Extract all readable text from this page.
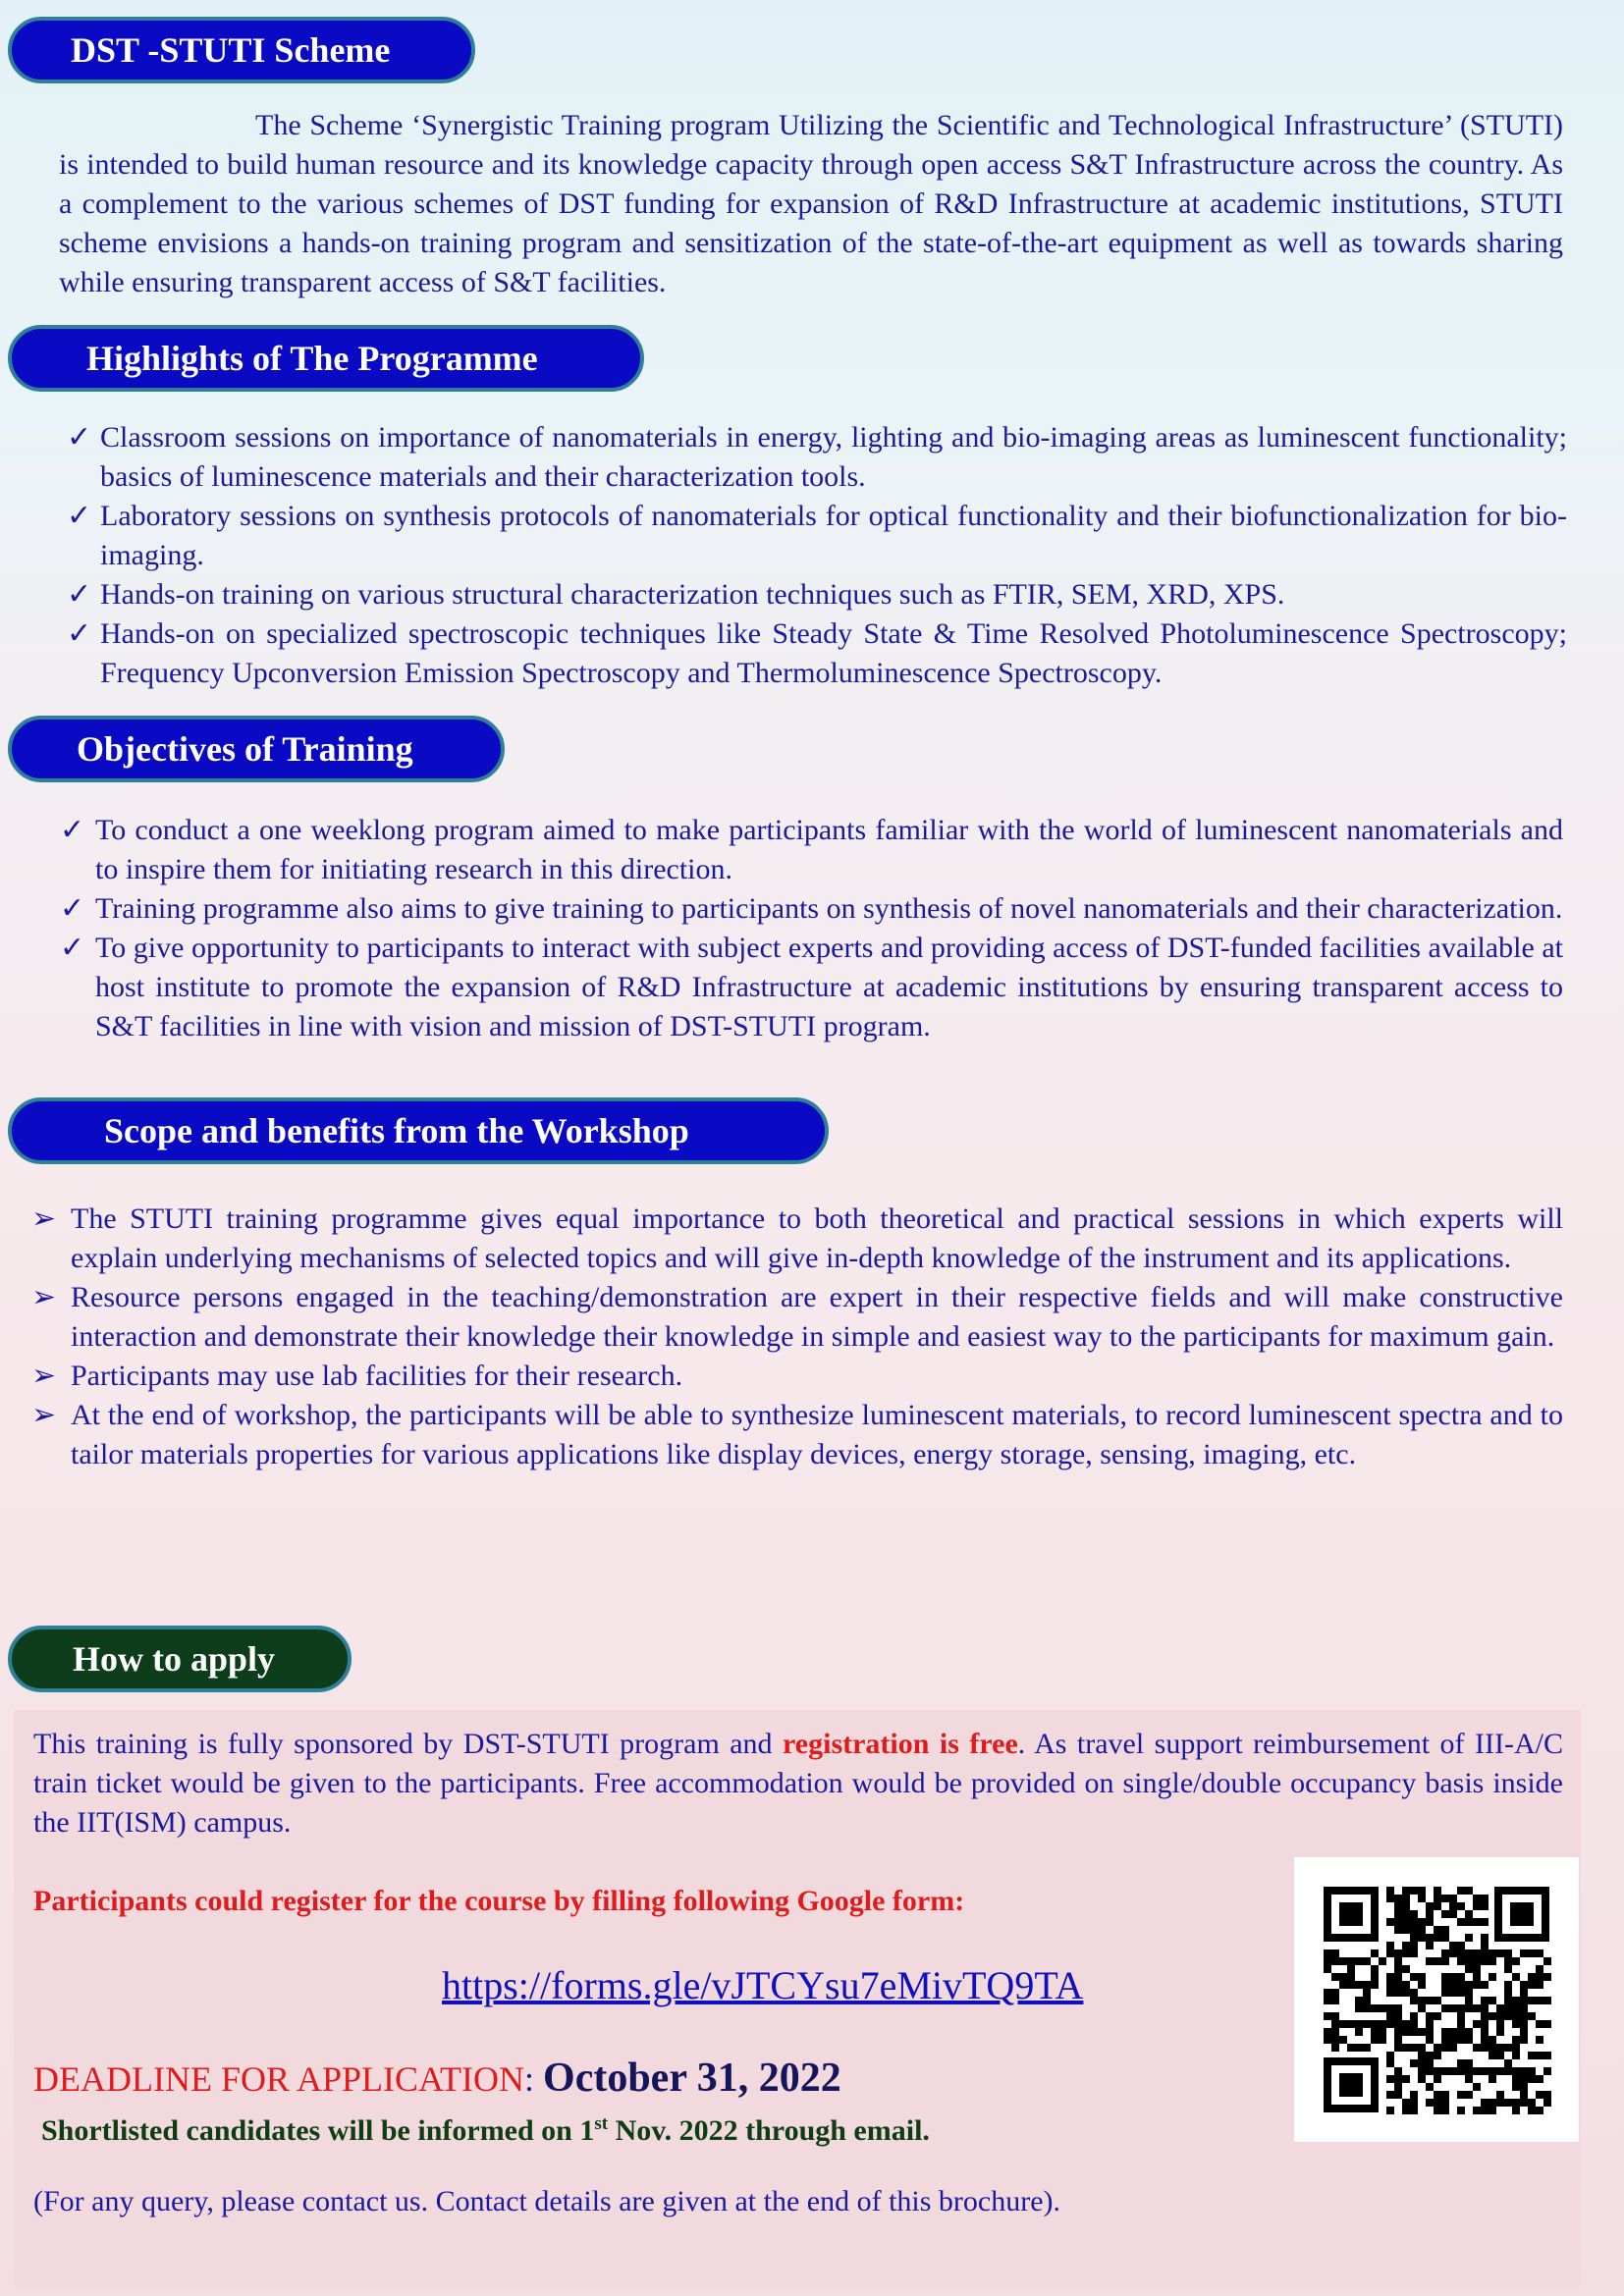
DST -STUTI Scheme

The Scheme ‘Synergistic Training program Utilizing the Scientific and Technological Infrastructure’ (STUTI) is intended to build human resource and its knowledge capacity through open access S&T Infrastructure across the country. As a complement to the various schemes of DST funding for expansion of R&D Infrastructure at academic institutions, STUTI scheme envisions a hands-on training program and sensitization of the state-of-the-art equipment as well as towards sharing while ensuring transparent access of S&T facilities.

Highlights of The Programme
✓ Classroom sessions on importance of nanomaterials in energy, lighting and bio-imaging areas as luminescent functionality; basics of luminescence materials and their characterization tools.
✓ Laboratory sessions on synthesis protocols of nanomaterials for optical functionality and their biofunctionalization for bio-imaging.
✓ Hands-on training on various structural characterization techniques such as FTIR, SEM, XRD, XPS.
✓ Hands-on on specialized spectroscopic techniques like Steady State & Time Resolved Photoluminescence Spectroscopy; Frequency Upconversion Emission Spectroscopy and Thermoluminescence Spectroscopy.
Objectives of Training
✓ To conduct a one weeklong program aimed to make participants familiar with the world of luminescent nanomaterials and to inspire them for initiating research in this direction.
✓ Training programme also aims to give training to participants on synthesis of novel nanomaterials and their characterization.
✓ To give opportunity to participants to interact with subject experts and providing access of DST-funded facilities available at host institute to promote the expansion of R&D Infrastructure at academic institutions by ensuring transparent access to S&T facilities in line with vision and mission of DST-STUTI program.
Scope and benefits from the Workshop
➢ The STUTI training programme gives equal importance to both theoretical and practical sessions in which experts will explain underlying mechanisms of selected topics and will give in-depth knowledge of the instrument and its applications.
➢ Resource persons engaged in the teaching/demonstration are expert in their respective fields and will make constructive interaction and demonstrate their knowledge their knowledge in simple and easiest way to the participants for maximum gain.
➢ Participants may use lab facilities for their research.
➢ At the end of workshop, the participants will be able to synthesize luminescent materials, to record luminescent spectra and to tailor materials properties for various applications like display devices, energy storage, sensing, imaging, etc.
How to apply

This training is fully sponsored by DST-STUTI program and registration is free. As travel support reimbursement of III-A/C train ticket would be given to the participants. Free accommodation would be provided on single/double occupancy basis inside the IIT(ISM) campus.

Participants could register for the course by filling following Google form:
https://forms.gle/vJTCYsu7eMivTQ9TA
DEADLINE FOR APPLICATION: October 31, 2022
Shortlisted candidates will be informed on 1st Nov. 2022 through email.
(For any query, please contact us. Contact details are given at the end of this brochure).
